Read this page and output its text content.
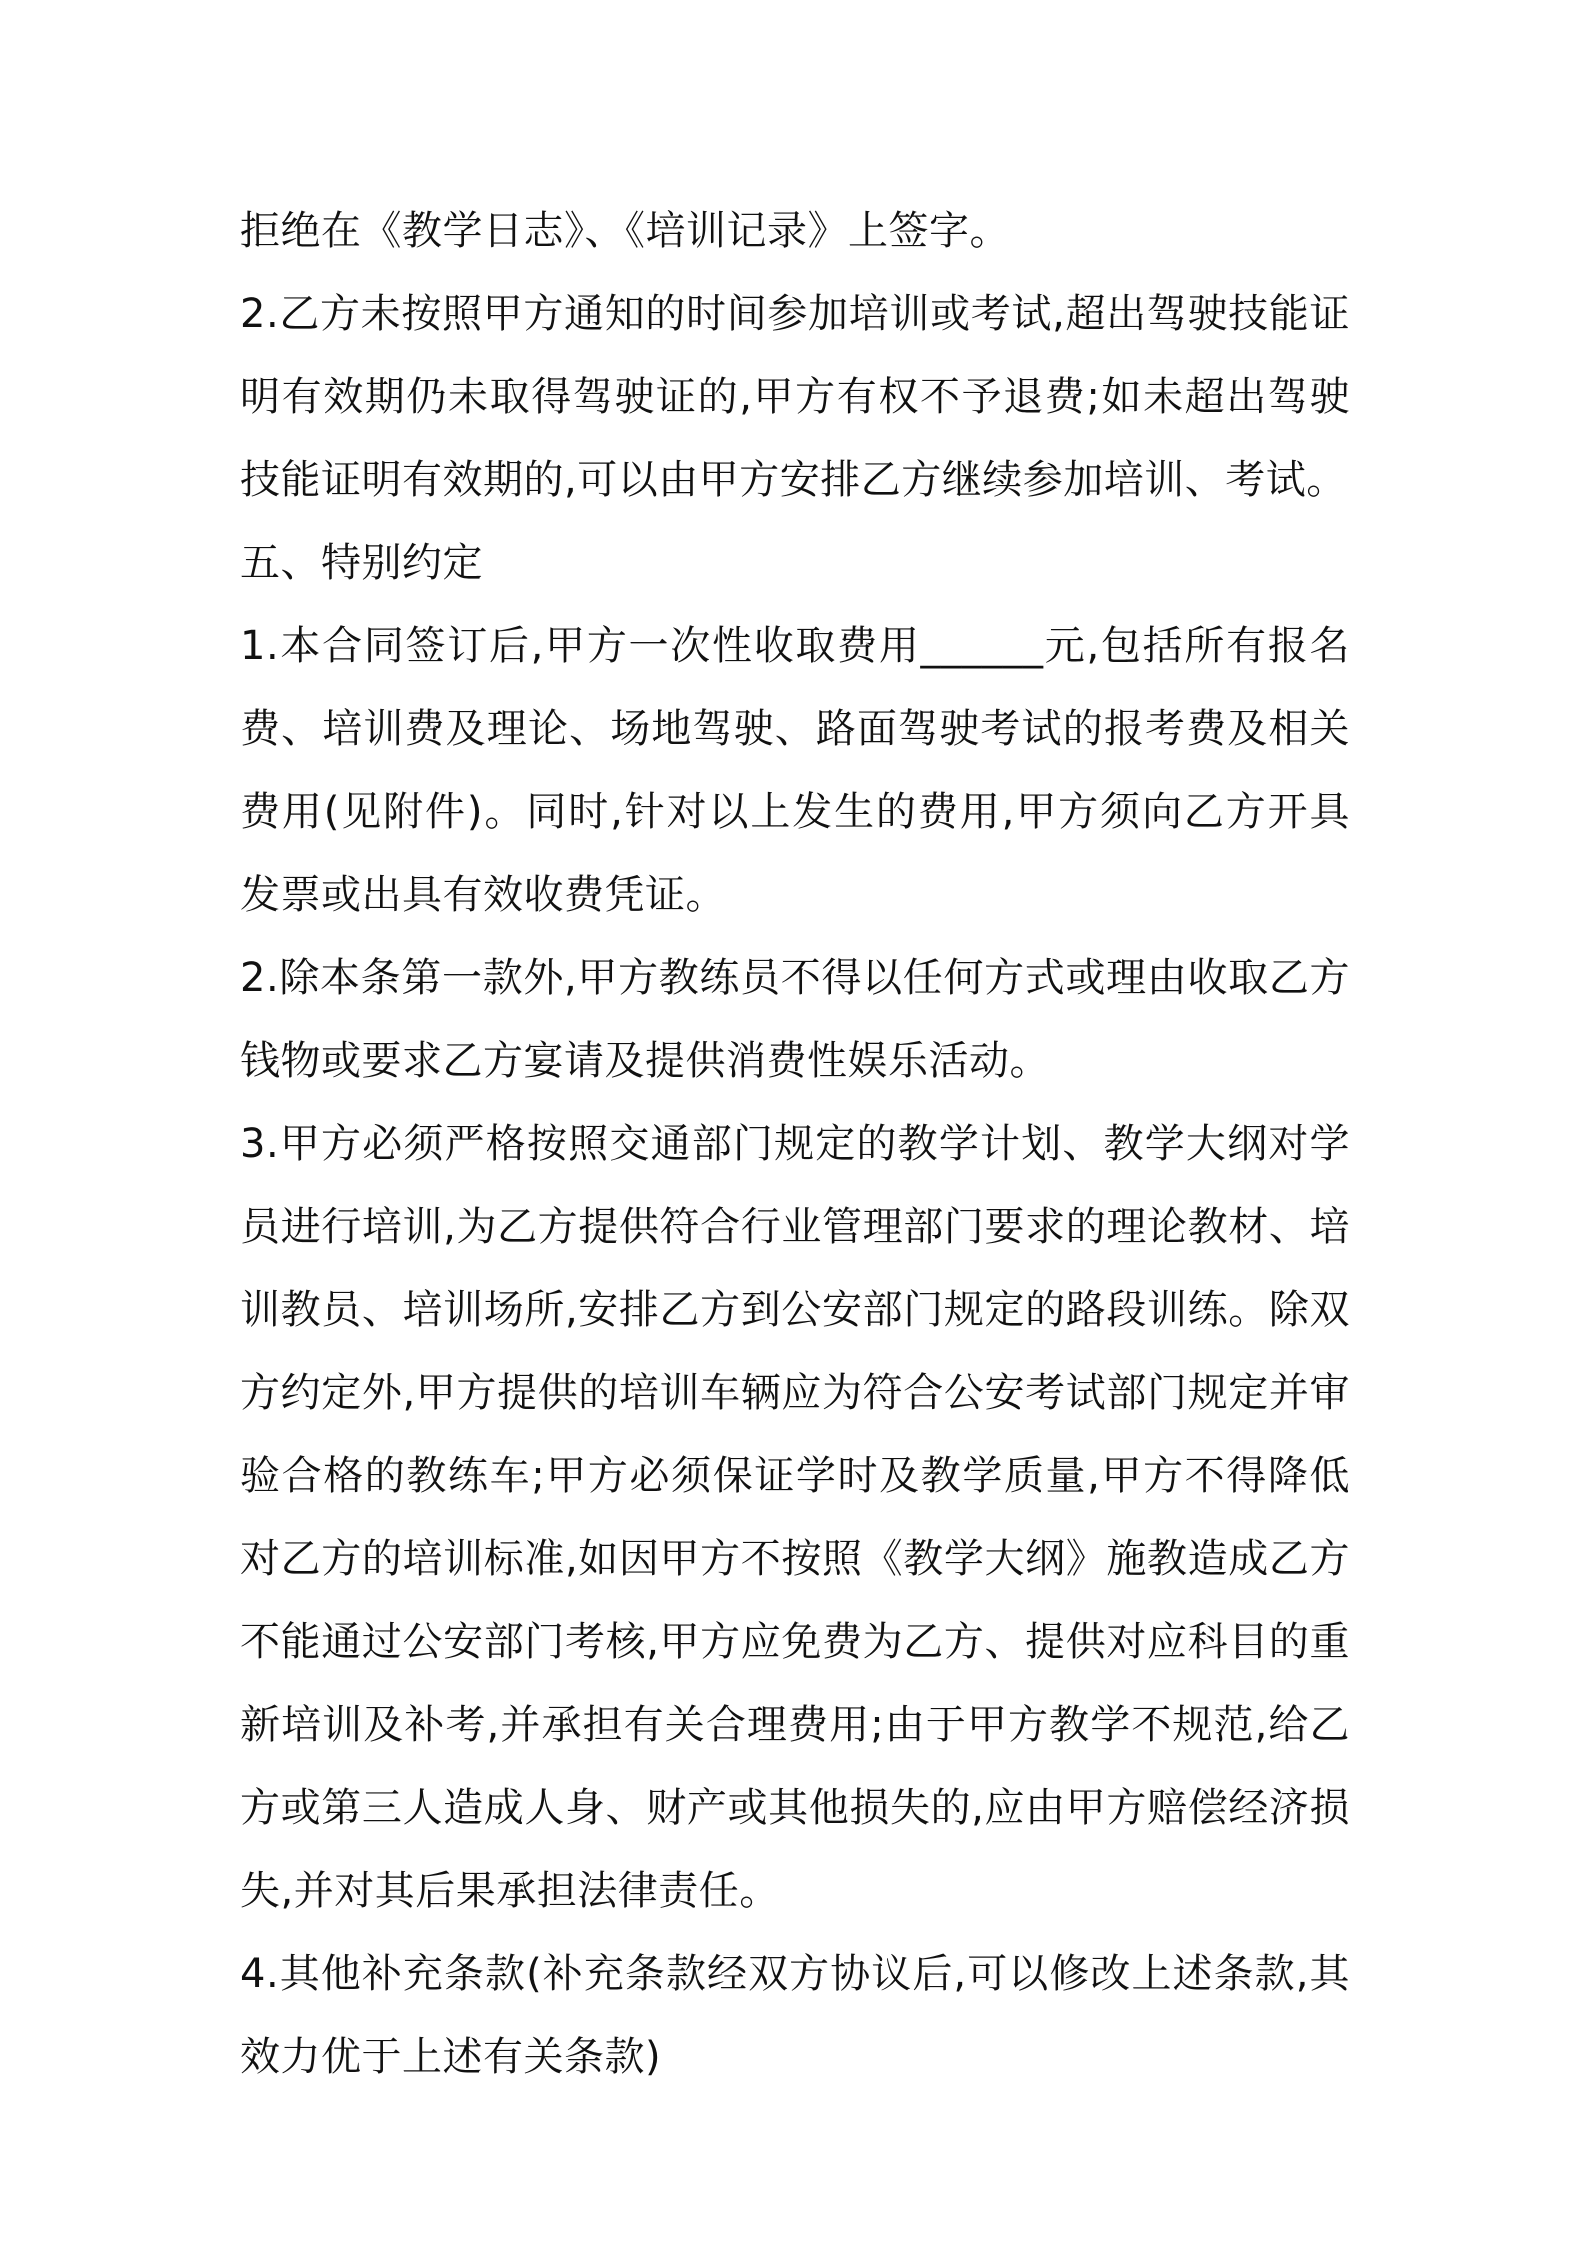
拒绝在《教学日志》、《培训记录》上签字。

2.乙方未按照甲方通知的时间参加培训或考试,超出驾驶技能证明有效期仍未取得驾驶证的,甲方有权不予退费;如未超出驾驶技能证明有效期的,可以由甲方安排乙方继续参加培训、考试。

五、特别约定

1.本合同签订后,甲方一次性收取费用______元,包括所有报名费、培训费及理论、场地驾驶、路面驾驶考试的报考费及相关费用(见附件)。同时,针对以上发生的费用,甲方须向乙方开具发票或出具有效收费凭证。

2.除本条第一款外,甲方教练员不得以任何方式或理由收取乙方钱物或要求乙方宴请及提供消费性娱乐活动。

3.甲方必须严格按照交通部门规定的教学计划、教学大纲对学员进行培训,为乙方提供符合行业管理部门要求的理论教材、培训教员、培训场所,安排乙方到公安部门规定的路段训练。除双方约定外,甲方提供的培训车辆应为符合公安考试部门规定并审验合格的教练车;甲方必须保证学时及教学质量,甲方不得降低对乙方的培训标准,如因甲方不按照《教学大纲》施教造成乙方不能通过公安部门考核,甲方应免费为乙方、提供对应科目的重新培训及补考,并承担有关合理费用;由于甲方教学不规范,给乙方或第三人造成人身、财产或其他损失的,应由甲方赔偿经济损失,并对其后果承担法律责任。

4.其他补充条款(补充条款经双方协议后,可以修改上述条款,其效力优于上述有关条款)
